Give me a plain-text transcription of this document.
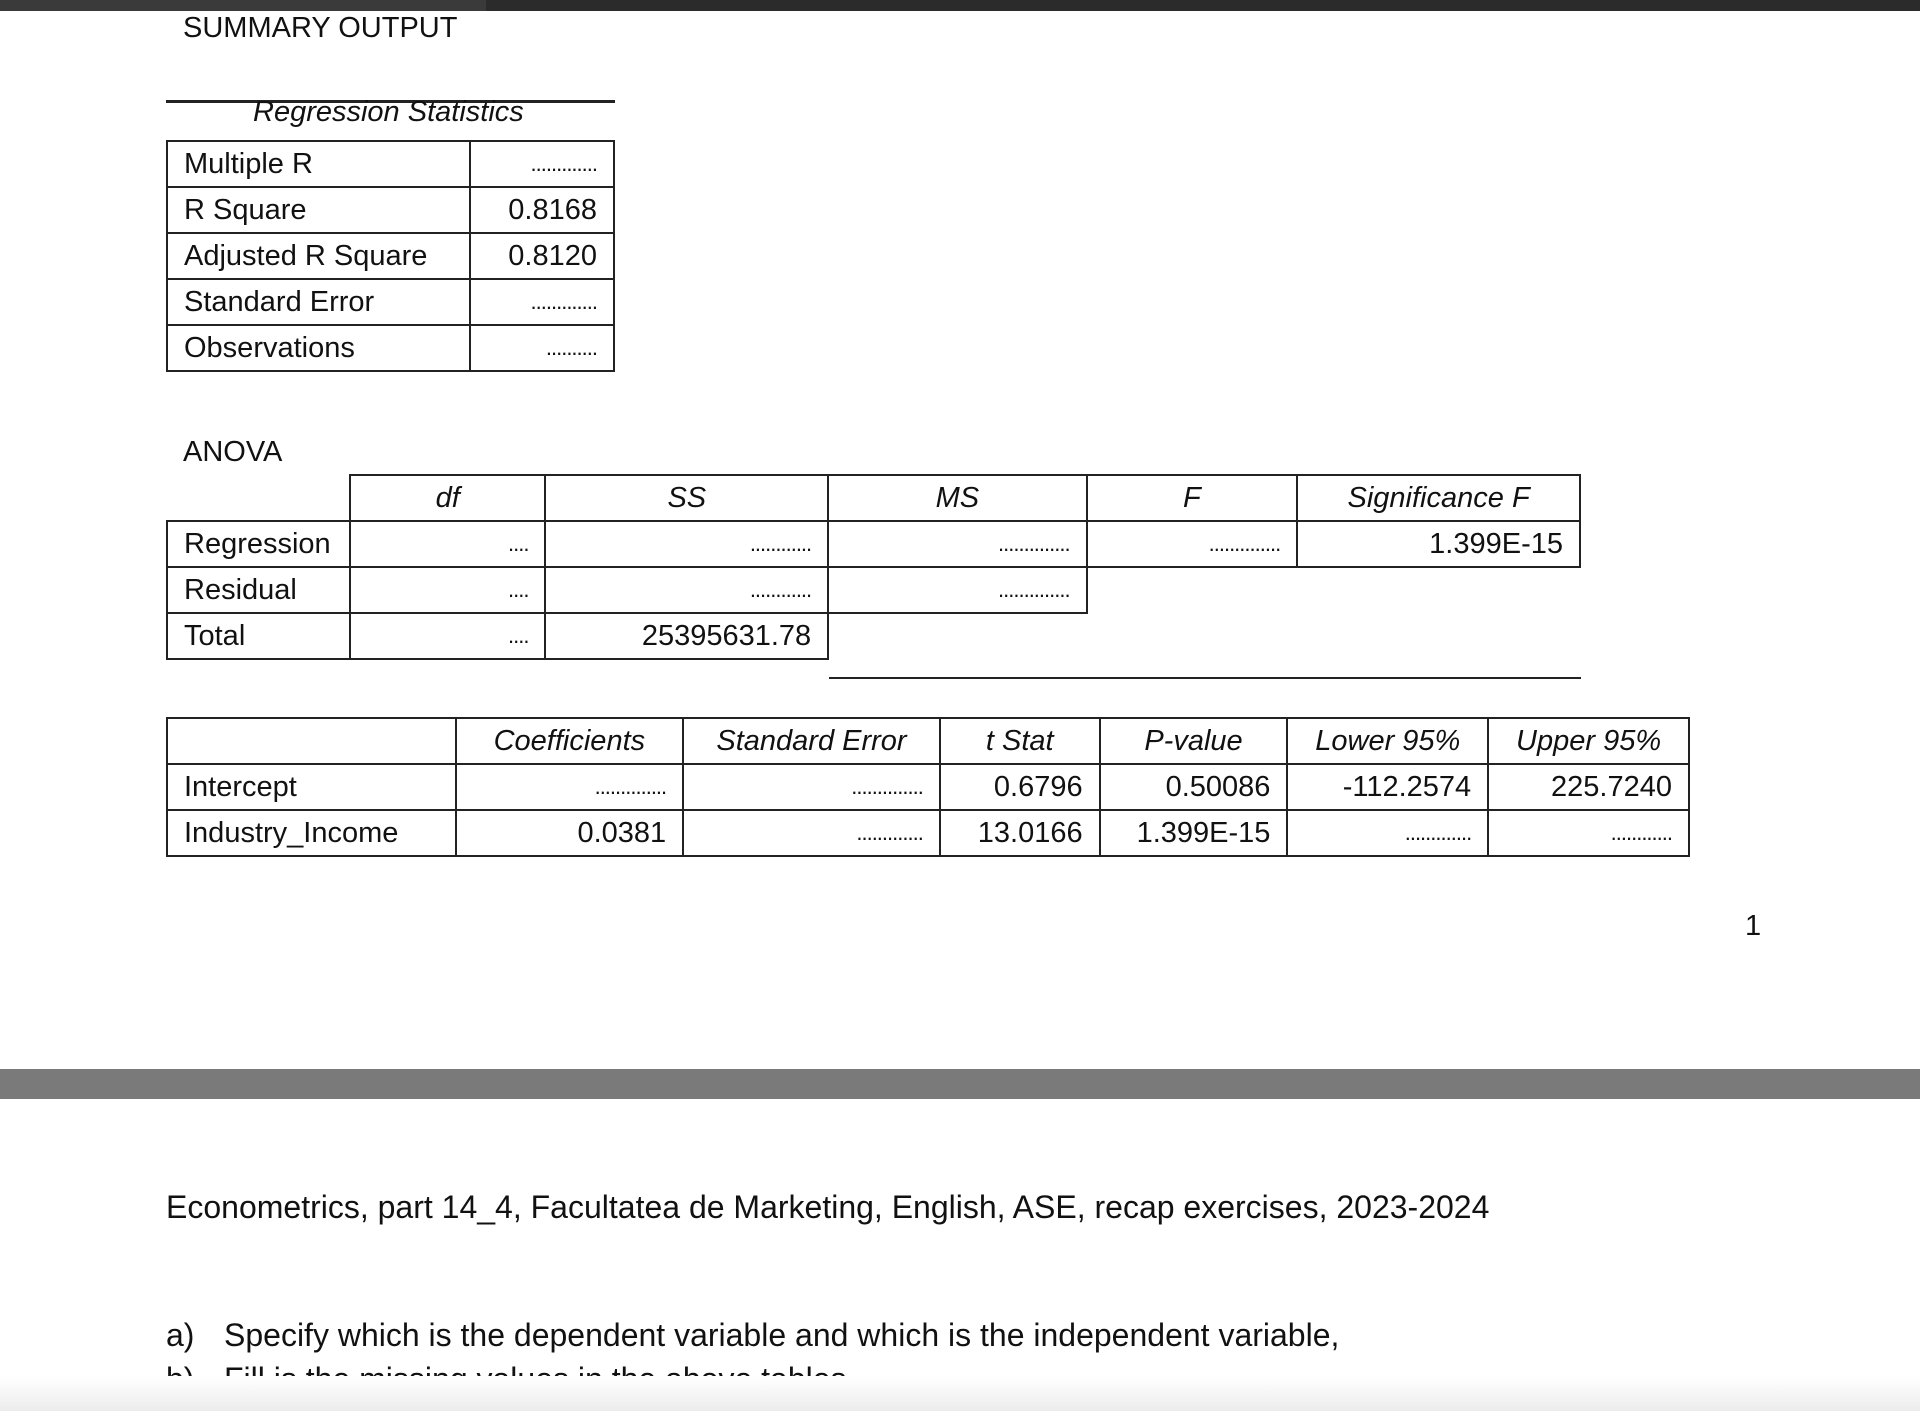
SUMMARY OUTPUT
Regression Statistics
Multiple R	.............
R Square	0.8168
Adjusted R Square	0.8120
Standard Error	.............
Observations	..........
ANOVA
	df	SS	MS	F	Significance F
Regression	....	............	..............	..............	1.399E-15
Residual	....	............	..............		
Total	....	25395631.78			
	Coefficients	Standard Error	t Stat	P-value	Lower 95%	Upper 95%
Intercept	..............	..............	0.6796	0.50086	-112.2574	225.7240
Industry_Income	0.0381	.............	13.0166	1.399E-15	.............	............
1
Econometrics, part 14_4, Facultatea de Marketing, English, ASE, recap exercises, 2023-2024
a) Specify which is the dependent variable and which is the independent variable,
